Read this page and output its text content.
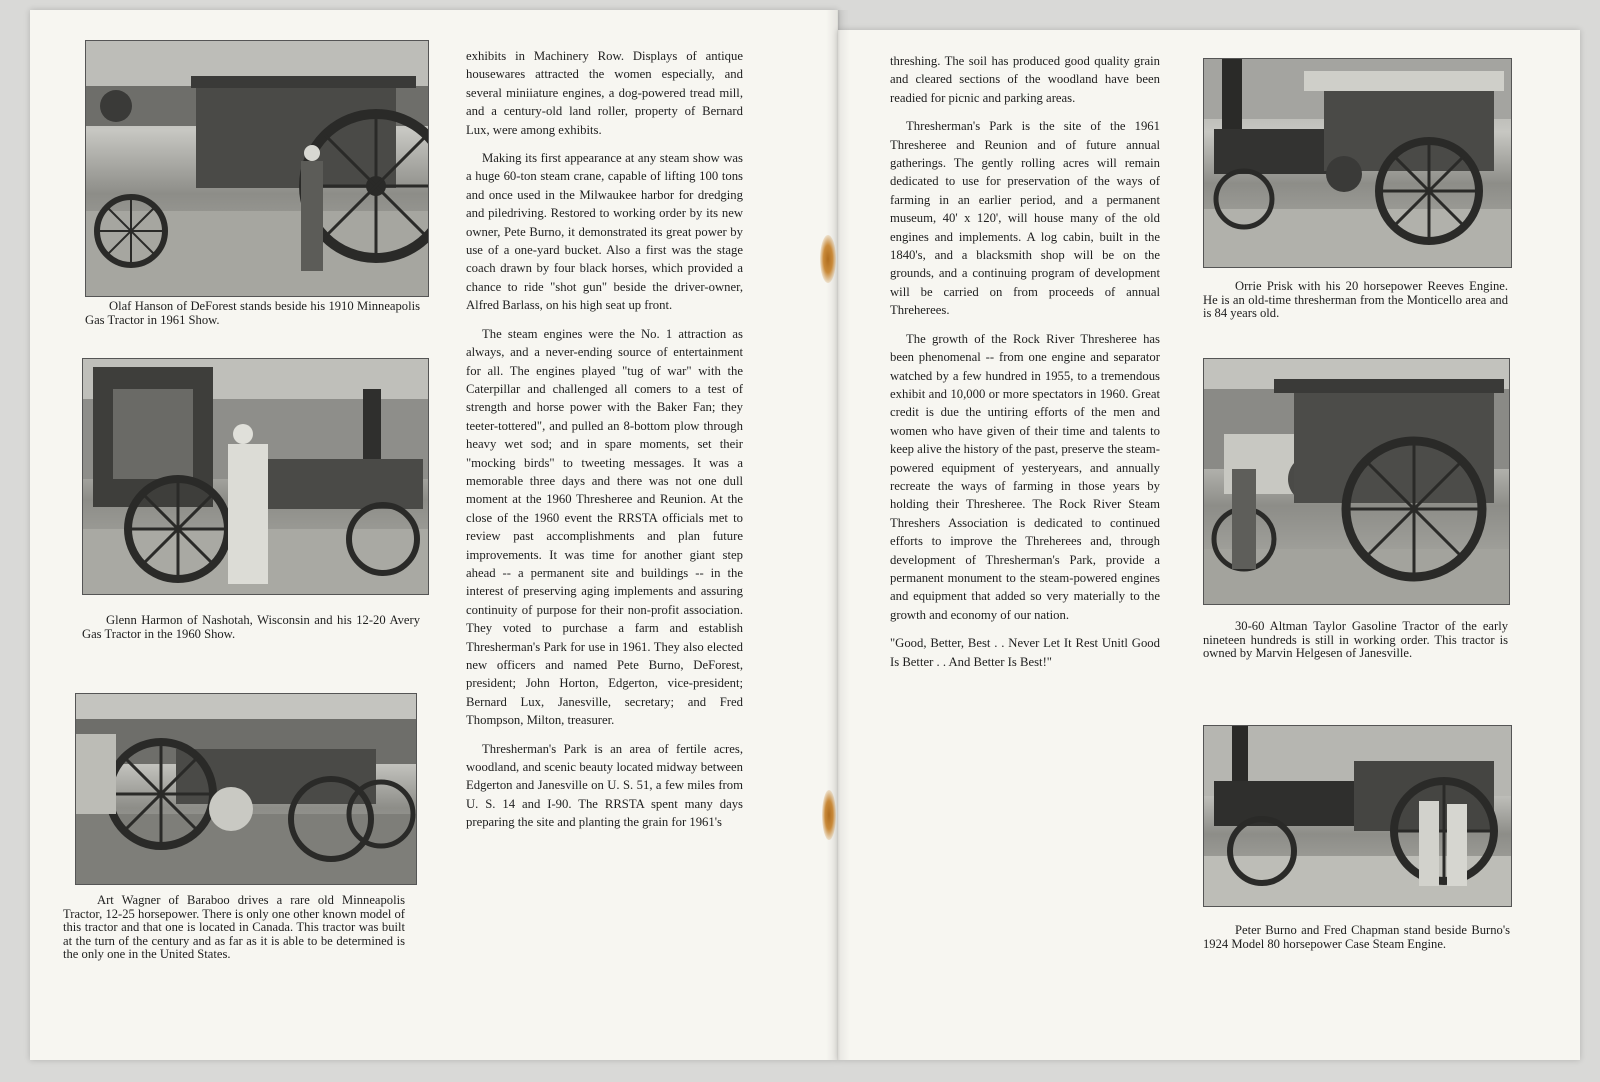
Olaf Hanson of DeForest stands beside his 1910 Minneapolis Gas Tractor in 1961 Show.
Glenn Harmon of Nashotah, Wisconsin and his 12-20 Avery Gas Tractor in the 1960 Show.
Art Wagner of Baraboo drives a rare old Minneapolis Tractor, 12-25 horsepower. There is only one other known model of this tractor and that one is located in Canada. This tractor was built at the turn of the century and as far as it is able to be determined is the only one in the United States.

exhibits in Machinery Row. Displays of antique housewares attracted the women especially, and several miniiature engines, a dog-powered tread mill, and a century-old land roller, property of Bernard Lux, were among exhibits.

Making its first appearance at any steam show was a huge 60-ton steam crane, capable of lifting 100 tons and once used in the Milwaukee harbor for dredging and piledriving. Restored to working order by its new owner, Pete Burno, it demonstrated its great power by use of a one-yard bucket. Also a first was the stage coach drawn by four black horses, which provided a chance to ride "shot gun" beside the driver-owner, Alfred Barlass, on his high seat up front.

The steam engines were the No. 1 attraction as always, and a never-ending source of entertainment for all. The engines played "tug of war" with the Caterpillar and challenged all comers to a test of strength and horse power with the Baker Fan; they teeter-tottered", and pulled an 8-bottom plow through heavy wet sod; and in spare moments, set their "mocking birds" to tweeting messages. It was a memorable three days and there was not one dull moment at the 1960 Thresheree and Reunion. At the close of the 1960 event the RRSTA officials met to review past accomplishments and plan future improvements. It was time for another giant step ahead -- a permanent site and buildings -- in the interest of preserving aging implements and assuring continuity of purpose for their non-profit association. They voted to purchase a farm and establish Thresherman's Park for use in 1961. They also elected new officers and named Pete Burno, DeForest, president; John Horton, Edgerton, vice-president; Bernard Lux, Janesville, secretary; and Fred Thompson, Milton, treasurer.

Thresherman's Park is an area of fertile acres, woodland, and scenic beauty located midway between Edgerton and Janesville on U. S. 51, a few miles from U. S. 14 and I-90. The RRSTA spent many days preparing the site and planting the grain for 1961's

threshing. The soil has produced good quality grain and cleared sections of the woodland have been readied for picnic and parking areas.

Thresherman's Park is the site of the 1961 Thresheree and Reunion and of future annual gatherings. The gently rolling acres will remain dedicated to use for preservation of the ways of farming in an earlier period, and a permanent museum, 40' x 120', will house many of the old engines and implements. A log cabin, built in the 1840's, and a blacksmith shop will be on the grounds, and a continuing program of development will be carried on from proceeds of annual Threherees.

The growth of the Rock River Thresheree has been phenomenal -- from one engine and separator watched by a few hundred in 1955, to a tremendous exhibit and 10,000 or more spectators in 1960. Great credit is due the untiring efforts of the men and women who have given of their time and talents to keep alive the history of the past, preserve the steam-powered equipment of yesteryears, and annually recreate the ways of farming in those years by holding their Thresheree. The Rock River Steam Threshers Association is dedicated to continued efforts to improve the Threherees and, through development of Thresherman's Park, provide a permanent monument to the steam-powered engines and equipment that added so very materially to the growth and economy of our nation.

"Good, Better, Best . . Never Let It Rest Unitl Good Is Better . . And Better Is Best!"

Orrie Prisk with his 20 horsepower Reeves Engine. He is an old-time thresherman from the Monticello area and is 84 years old.
30-60 Altman Taylor Gasoline Tractor of the early nineteen hundreds is still in working order. This tractor is owned by Marvin Helgesen of Janesville.
Peter Burno and Fred Chapman stand beside Burno's 1924 Model 80 horsepower Case Steam Engine.
